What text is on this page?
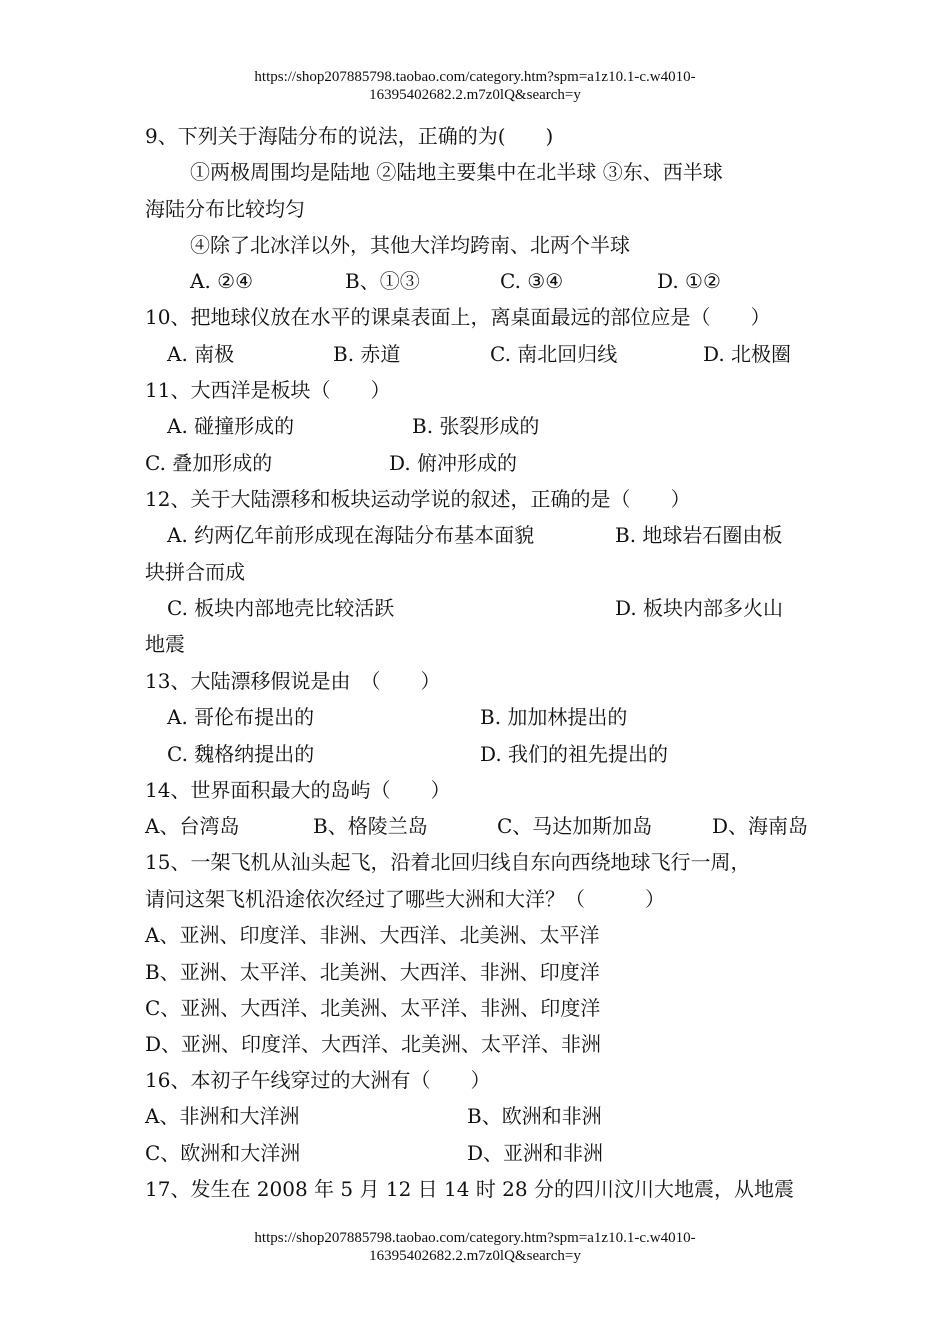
https://shop207885798.taobao.com/category.htm?spm=a1z10.1-c.w4010-
16395402682.2.m7z0lQ&search=y
9、下列关于海陆分布的说法，正确的为(　　)
①两极周围均是陆地 ②陆地主要集中在北半球 ③东、西半球
海陆分布比较均匀
④除了北冰洋以外，其他大洋均跨南、北两个半球
A. ②④	B、①③	C. ③④	D. ①②
10、把地球仪放在水平的课桌表面上，离桌面最远的部位应是（　　）
A. 南极	B. 赤道	C. 南北回归线	D. 北极圈
11、大西洋是板块（　　）
A. 碰撞形成的	B. 张裂形成的
C. 叠加形成的	D. 俯冲形成的
12、关于大陆漂移和板块运动学说的叙述，正确的是（　　）
A. 约两亿年前形成现在海陆分布基本面貌	B. 地球岩石圈由板
块拼合而成
C. 板块内部地壳比较活跃	D. 板块内部多火山
地震
13、大陆漂移假说是由　（　　）
A. 哥伦布提出的	B. 加加林提出的
C. 魏格纳提出的	D. 我们的祖先提出的
14、世界面积最大的岛屿（　　）
A、台湾岛	B、格陵兰岛	C、马达加斯加岛	D、海南岛
15、一架飞机从汕头起飞，沿着北回归线自东向西绕地球飞行一周，
请问这架飞机沿途依次经过了哪些大洲和大洋？（　　　）
A、亚洲、印度洋、非洲、大西洋、北美洲、太平洋
B、亚洲、太平洋、北美洲、大西洋、非洲、印度洋
C、亚洲、大西洋、北美洲、太平洋、非洲、印度洋
D、亚洲、印度洋、大西洋、北美洲、太平洋、非洲
16、本初子午线穿过的大洲有（　　）
A、非洲和大洋洲	B、欧洲和非洲
C、欧洲和大洋洲	D、亚洲和非洲
17、发生在 2008 年 5 月 12 日 14 时 28 分的四川汶川大地震，从地震
https://shop207885798.taobao.com/category.htm?spm=a1z10.1-c.w4010-
16395402682.2.m7z0lQ&search=y
